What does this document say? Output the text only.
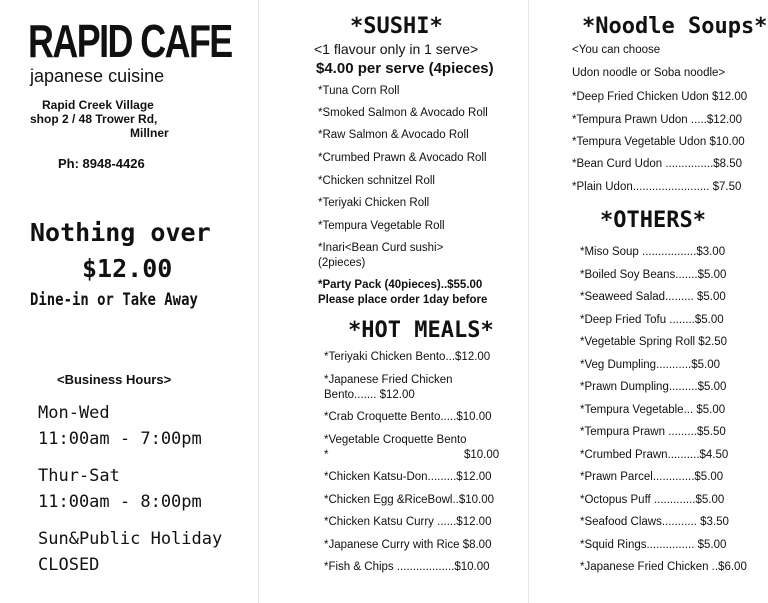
RAPID CAFE
japanese cuisine
Rapid Creek Village
shop 2 / 48 Trower Rd,
Millner
Ph: 8948-4426
Nothing over
$12.00
Dine-in or Take Away
<Business Hours>
Mon-Wed
11:00am - 7:00pm
Thur-Sat
11:00am - 8:00pm
Sun&Public Holiday
CLOSED
*SUSHI*
<1 flavour only in 1 serve>
$4.00 per serve (4pieces)
*Tuna Corn Roll
*Smoked Salmon & Avocado Roll
*Raw Salmon & Avocado Roll
*Crumbed Prawn & Avocado Roll
*Chicken schnitzel Roll
*Teriyaki Chicken Roll
*Tempura Vegetable Roll
*Inari<Bean Curd sushi>
(2pieces)
*Party Pack (40pieces)..$55.00
Please place order 1day before
*HOT MEALS*
*Teriyaki Chicken Bento...$12.00
*Japanese Fried Chicken
Bento....... $12.00
*Crab Croquette Bento.....$10.00
*Vegetable Croquette Bento
*	$10.00
*Chicken Katsu-Don.........$12.00
*Chicken Egg &RiceBowl..$10.00
*Chicken Katsu Curry ......$12.00
*Japanese Curry with Rice $8.00
*Fish & Chips ..................$10.00
*Noodle Soups*
<You can choose
Udon noodle or Soba noodle>
*Deep Fried Chicken Udon $12.00
*Tempura Prawn Udon .....$12.00
*Tempura Vegetable Udon $10.00
*Bean Curd Udon ...............$8.50
*Plain Udon........................ $7.50
*OTHERS*
*Miso Soup .................$3.00
*Boiled Soy Beans.......$5.00
*Seaweed Salad......... $5.00
*Deep Fried Tofu ........$5.00
*Vegetable Spring Roll $2.50
*Veg Dumpling...........$5.00
*Prawn Dumpling.........$5.00
*Tempura Vegetable... $5.00
*Tempura Prawn .........$5.50
*Crumbed Prawn..........$4.50
*Prawn Parcel.............$5.00
*Octopus Puff .............$5.00
*Seafood Claws........... $3.50
*Squid Rings............... $5.00
*Japanese Fried Chicken ..$6.00
